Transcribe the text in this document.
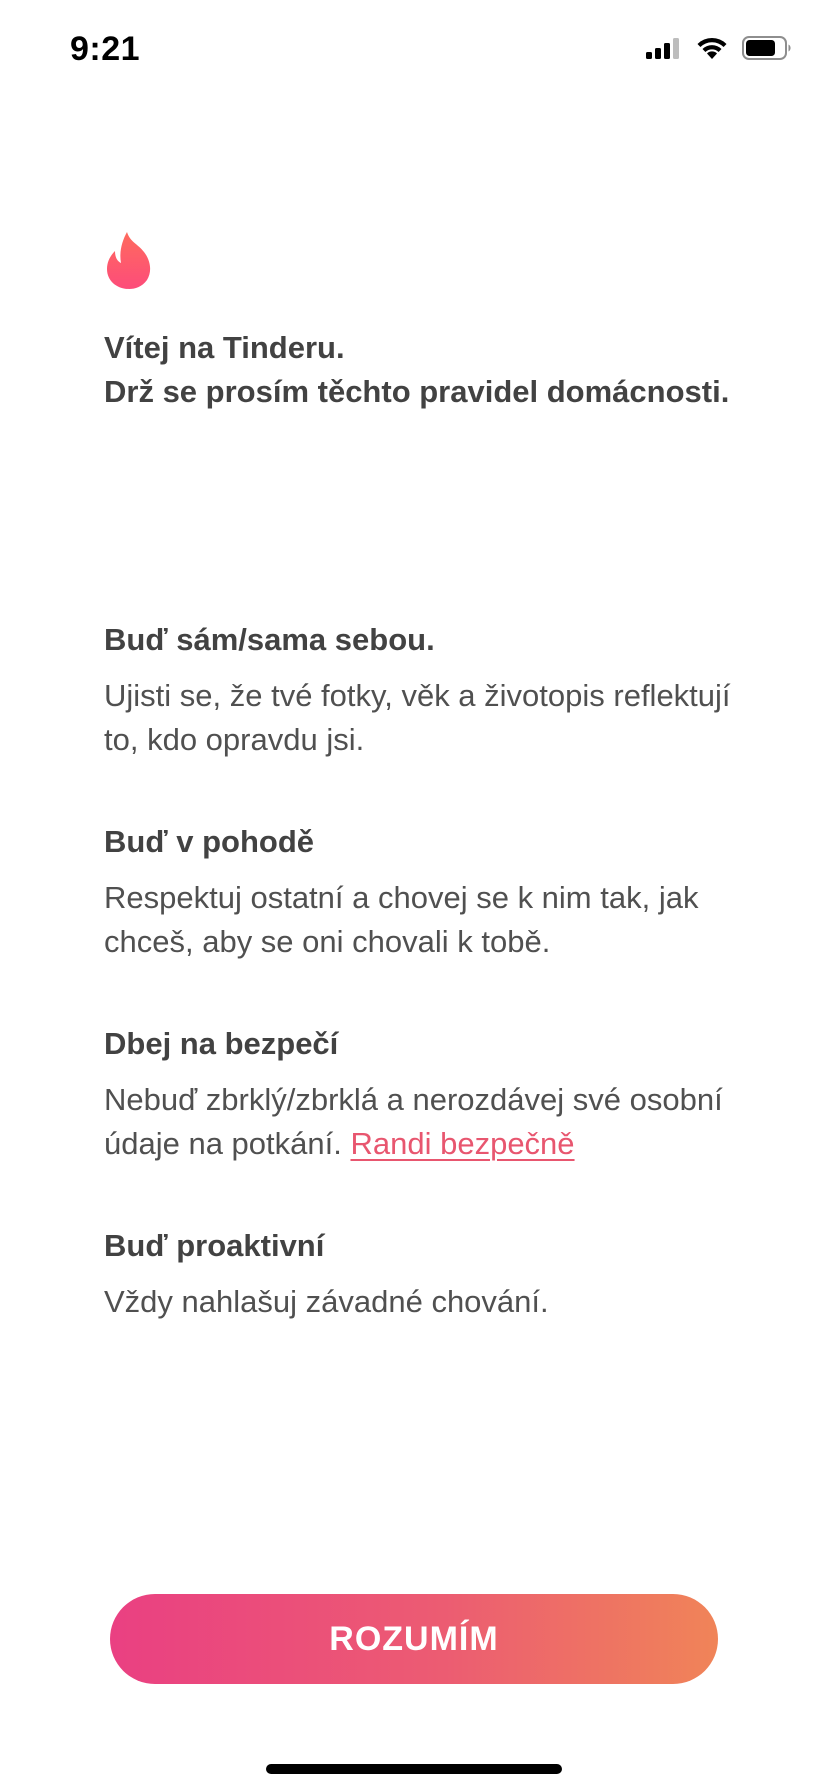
9:21
Vítej na Tinderu.
Drž se prosím těchto pravidel domácnosti.
Buď sám/sama sebou.
Ujisti se, že tvé fotky, věk a životopis reflektují to, kdo opravdu jsi.
Buď v pohodě
Respektuj ostatní a chovej se k nim tak, jak chceš, aby se oni chovali k tobě.
Dbej na bezpečí
Nebuď zbrklý/zbrklá a nerozdávej své osobní údaje na potkání. Randi bezpečně
Buď proaktivní
Vždy nahlašuj závadné chování.
ROZUMÍM
